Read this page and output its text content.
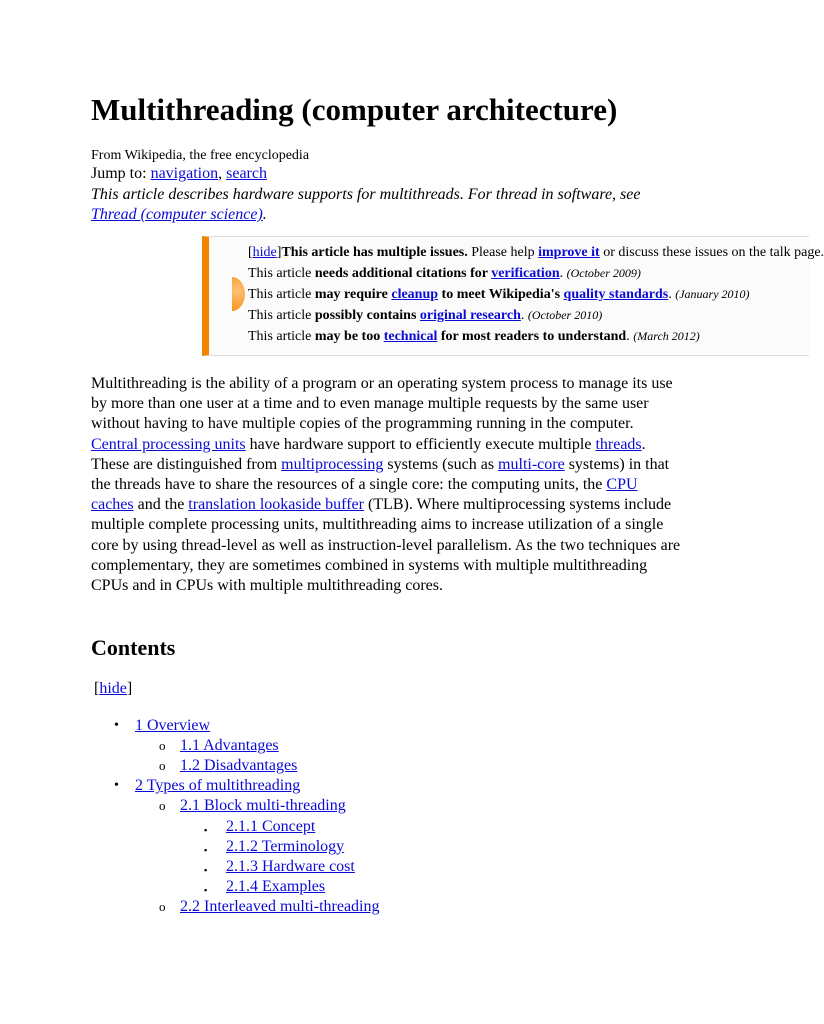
Multithreading (computer architecture)
From Wikipedia, the free encyclopedia
Jump to: navigation, search
This article describes hardware supports for multithreads. For thread in software, see Thread (computer science).
[hide]This article has multiple issues. Please help improve it or discuss these issues on the talk page.
This article needs additional citations for verification. (October 2009)
This article may require cleanup to meet Wikipedia's quality standards. (January 2010)
This article possibly contains original research. (October 2010)
This article may be too technical for most readers to understand. (March 2012)
Multithreading is the ability of a program or an operating system process to manage its use by more than one user at a time and to even manage multiple requests by the same user without having to have multiple copies of the programming running in the computer. Central processing units have hardware support to efficiently execute multiple threads. These are distinguished from multiprocessing systems (such as multi-core systems) in that the threads have to share the resources of a single core: the computing units, the CPU caches and the translation lookaside buffer (TLB). Where multiprocessing systems include multiple complete processing units, multithreading aims to increase utilization of a single core by using thread-level as well as instruction-level parallelism. As the two techniques are complementary, they are sometimes combined in systems with multiple multithreading CPUs and in CPUs with multiple multithreading cores.
Contents
[hide]
• 1 Overview
o 1.1 Advantages
o 1.2 Disadvantages
• 2 Types of multithreading
o 2.1 Block multi-threading
▪ 2.1.1 Concept
▪ 2.1.2 Terminology
▪ 2.1.3 Hardware cost
▪ 2.1.4 Examples
o 2.2 Interleaved multi-threading
